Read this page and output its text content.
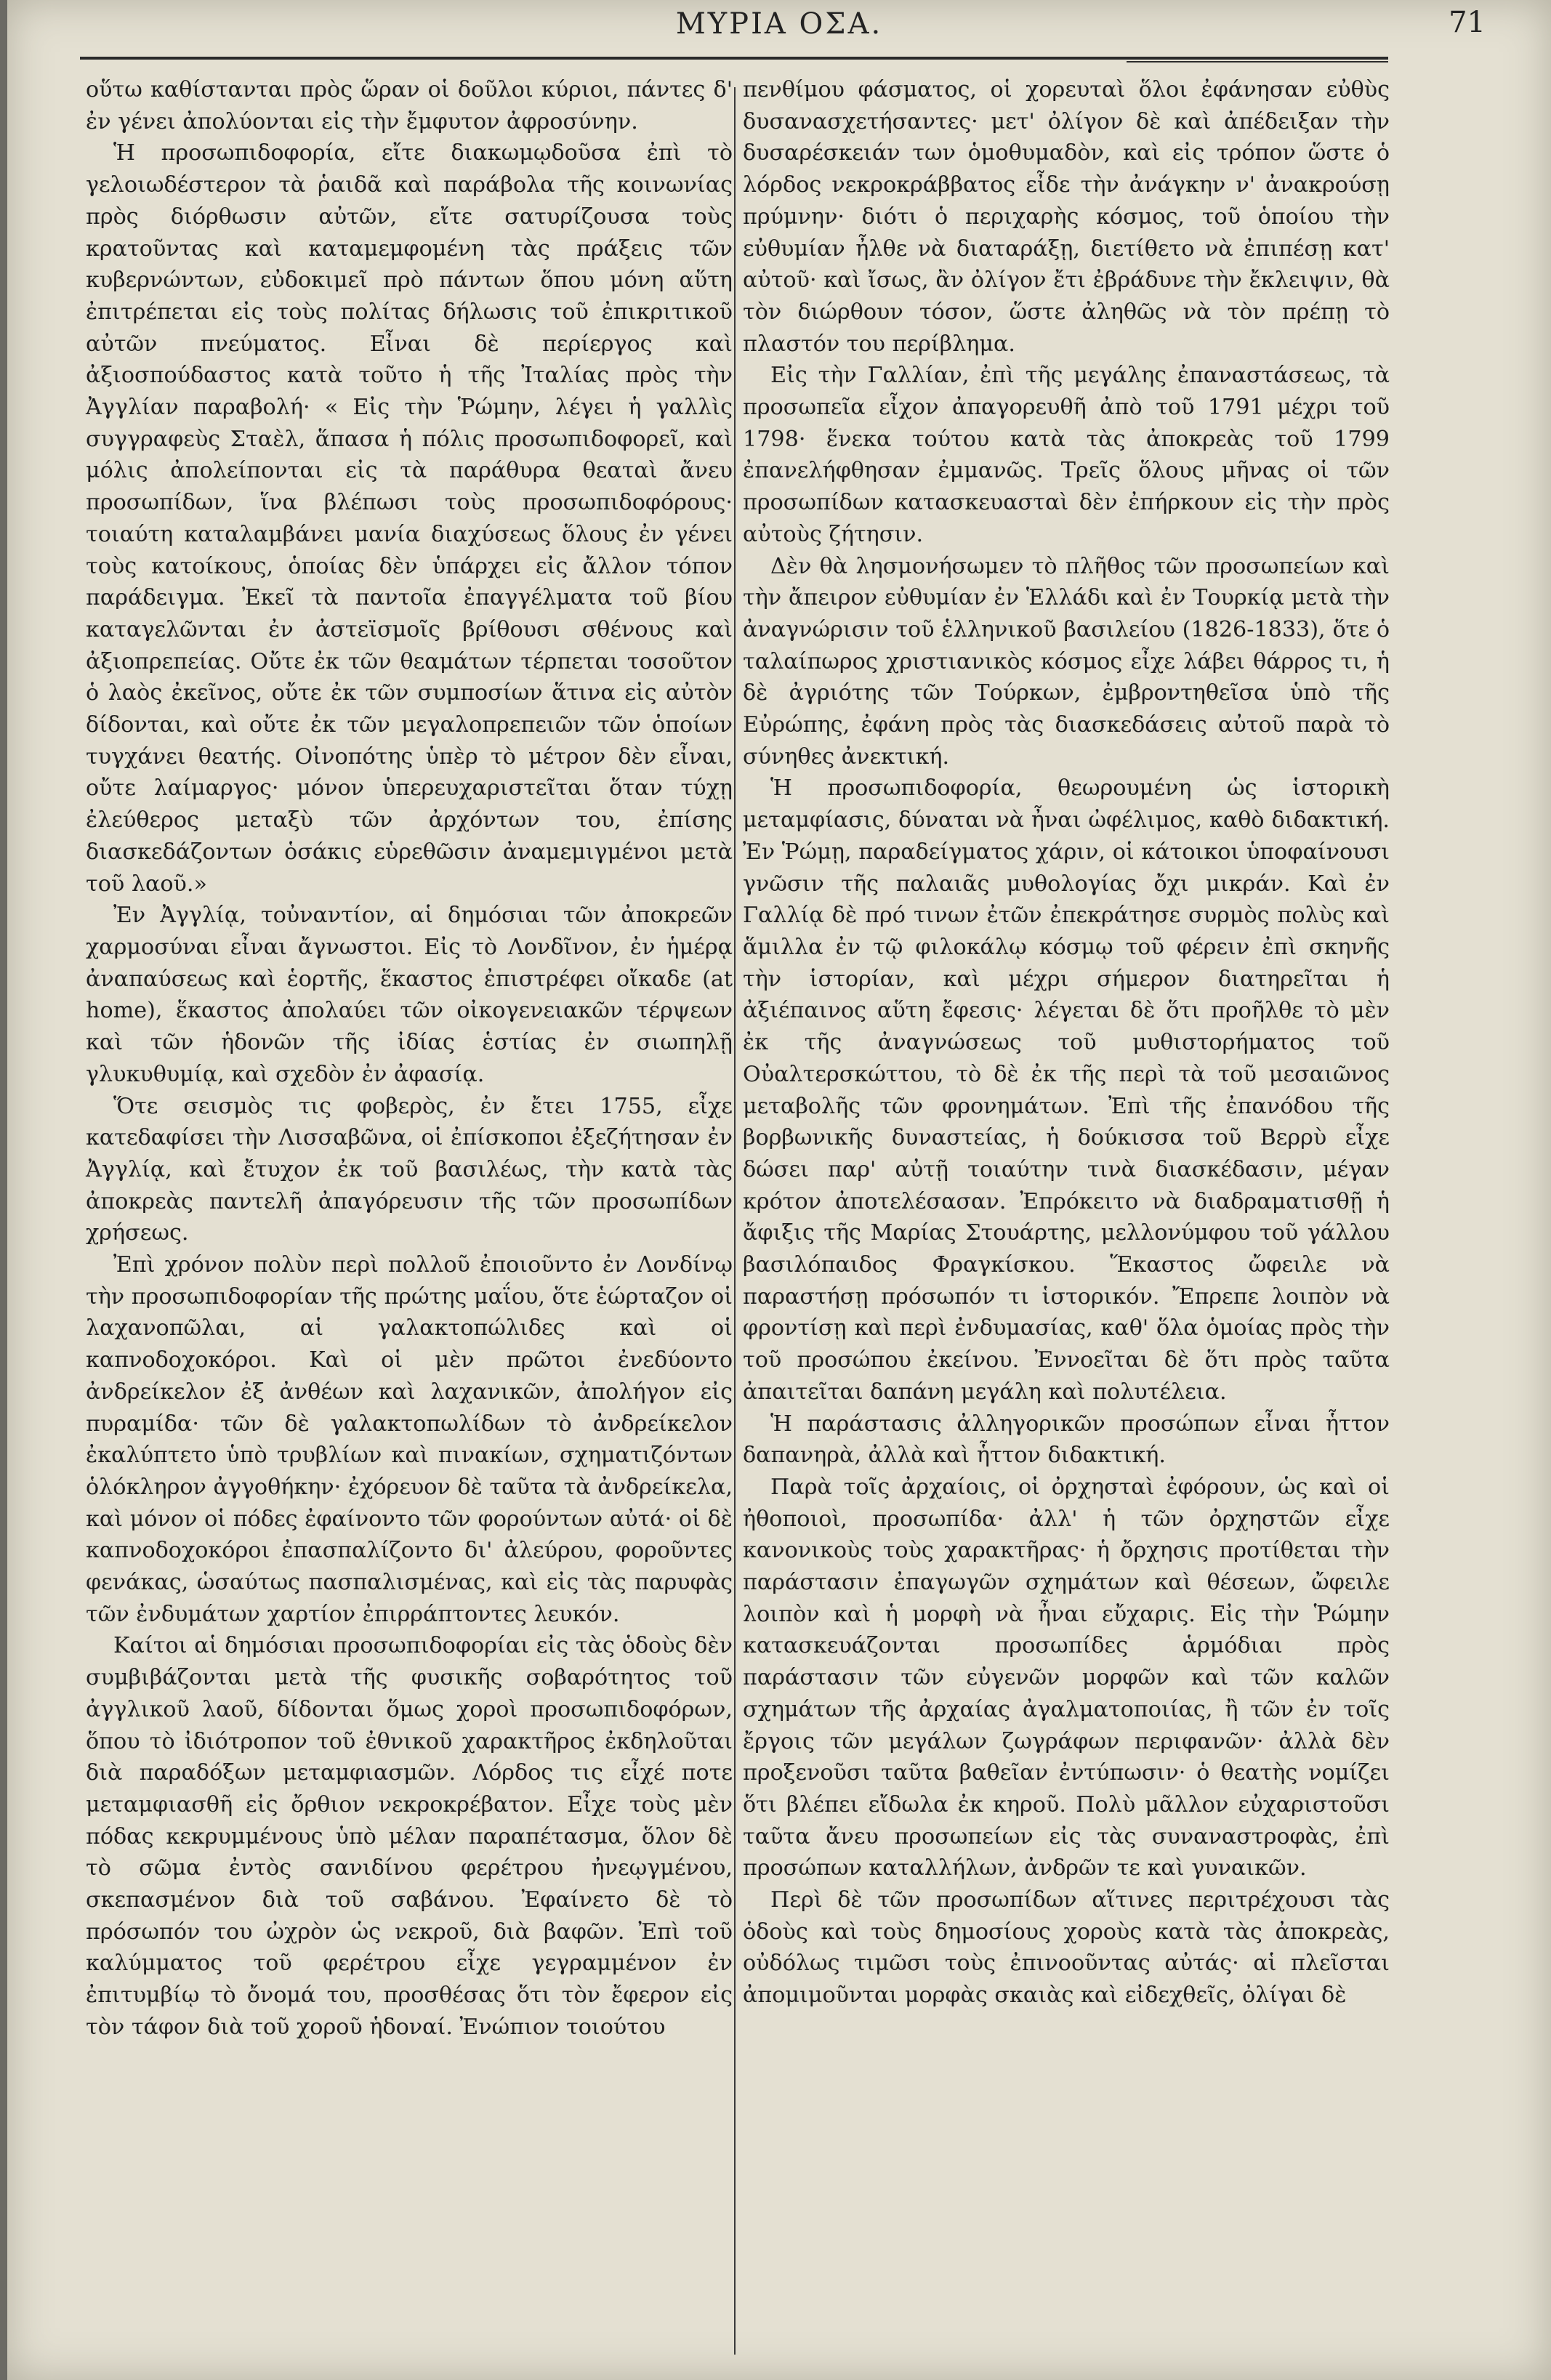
ΜΥΡΙΑ ΟΣΑ.	71

οὕτω καθίστανται πρὸς ὥραν οἱ δοῦλοι κύριοι, πάντες δ' ἐν γένει ἀπολύονται εἰς τὴν ἔμφυτον ἀφροσύνην.

Ἡ προσωπιδοφορία, εἴτε διακωμῳδοῦσα ἐπὶ τὸ γελοιωδέστερον τὰ ῥαιδᾶ καὶ παράβολα τῆς κοινωνίας πρὸς διόρθωσιν αὐτῶν, εἴτε σατυρίζουσα τοὺς κρατοῦντας καὶ καταμεμφομένη τὰς πράξεις τῶν κυβερνώντων, εὐδοκιμεῖ πρὸ πάντων ὅπου μόνη αὕτη ἐπιτρέπεται εἰς τοὺς πολίτας δήλωσις τοῦ ἐπικριτικοῦ αὐτῶν πνεύματος. Εἶναι δὲ περίεργος καὶ ἀξιοσπούδαστος κατὰ τοῦτο ἡ τῆς Ἰταλίας πρὸς τὴν Ἀγγλίαν παραβολή· « Εἰς τὴν Ῥώμην, λέγει ἡ γαλλὶς συγγραφεὺς Σταὲλ, ἅπασα ἡ πόλις προσωπιδοφορεῖ, καὶ μόλις ἀπολείπονται εἰς τὰ παράθυρα θεαταὶ ἄνευ προσωπίδων, ἵνα βλέπωσι τοὺς προσωπιδοφόρους· τοιαύτη καταλαμβάνει μανία διαχύσεως ὅλους ἐν γένει τοὺς κατοίκους, ὁποίας δὲν ὑπάρχει εἰς ἄλλον τόπον παράδειγμα. Ἐκεῖ τὰ παντοῖα ἐπαγγέλματα τοῦ βίου καταγελῶνται ἐν ἀστεϊσμοῖς βρίθουσι σθένους καὶ ἀξιοπρεπείας. Οὔτε ἐκ τῶν θεαμάτων τέρπεται τοσοῦτον ὁ λαὸς ἐκεῖνος, οὔτε ἐκ τῶν συμποσίων ἅτινα εἰς αὐτὸν δίδονται, καὶ οὔτε ἐκ τῶν μεγαλοπρεπειῶν τῶν ὁποίων τυγχάνει θεατής. Οἰνοπότης ὑπὲρ τὸ μέτρον δὲν εἶναι, οὔτε λαίμαργος· μόνον ὑπερευχαριστεῖται ὅταν τύχῃ ἐλεύθερος μεταξὺ τῶν ἀρχόντων του, ἐπίσης διασκεδάζοντων ὁσάκις εὑρεθῶσιν ἀναμεμιγμένοι μετὰ τοῦ λαοῦ.»

Ἐν Ἀγγλίᾳ, τοὐναντίον, αἱ δημόσιαι τῶν ἀποκρεῶν χαρμοσύναι εἶναι ἄγνωστοι. Εἰς τὸ Λονδῖνον, ἐν ἡμέρᾳ ἀναπαύσεως καὶ ἑορτῆς, ἕκαστος ἐπιστρέφει οἴκαδε (at home), ἕκαστος ἀπολαύει τῶν οἰκογενειακῶν τέρψεων καὶ τῶν ἡδονῶν τῆς ἰδίας ἑστίας ἐν σιωπηλῇ γλυκυθυμίᾳ, καὶ σχεδὸν ἐν ἀφασίᾳ.

Ὅτε σεισμὸς τις φοβερὸς, ἐν ἔτει 1755, εἶχε κατεδαφίσει τὴν Λισσαβῶνα, οἱ ἐπίσκοποι ἐξεζήτησαν ἐν Ἀγγλίᾳ, καὶ ἔτυχον ἐκ τοῦ βασιλέως, τὴν κατὰ τὰς ἀποκρεὰς παντελῆ ἀπαγόρευσιν τῆς τῶν προσωπίδων χρήσεως.

Ἐπὶ χρόνον πολὺν περὶ πολλοῦ ἐποιοῦντο ἐν Λονδίνῳ τὴν προσωπιδοφορίαν τῆς πρώτης μαΐου, ὅτε ἑώρταζον οἱ λαχανοπῶλαι, αἱ γαλακτοπώλιδες καὶ οἱ καπνοδοχοκόροι. Καὶ οἱ μὲν πρῶτοι ἐνεδύοντο ἀνδρείκελον ἐξ ἀνθέων καὶ λαχανικῶν, ἀπολήγον εἰς πυραμίδα· τῶν δὲ γαλακτοπωλίδων τὸ ἀνδρείκελον ἐκαλύπτετο ὑπὸ τρυβλίων καὶ πινακίων, σχηματιζόντων ὁλόκληρον ἀγγοθήκην· ἐχόρευον δὲ ταῦτα τὰ ἀνδρείκελα, καὶ μόνον οἱ πόδες ἐφαίνοντο τῶν φορούντων αὐτά· οἱ δὲ καπνοδοχοκόροι ἐπασπαλίζοντο δι' ἀλεύρου, φοροῦντες φενάκας, ὡσαύτως πασπαλισμένας, καὶ εἰς τὰς παρυφὰς τῶν ἐνδυμάτων χαρτίον ἐπιρράπτοντες λευκόν.

Καίτοι αἱ δημόσιαι προσωπιδοφορίαι εἰς τὰς ὁδοὺς δὲν συμβιβάζονται μετὰ τῆς φυσικῆς σοβαρότητος τοῦ ἀγγλικοῦ λαοῦ, δίδονται ὅμως χοροὶ προσωπιδοφόρων, ὅπου τὸ ἰδιότροπον τοῦ ἐθνικοῦ χαρακτῆρος ἐκδηλοῦται διὰ παραδόξων μεταμφιασμῶν. Λόρδος τις εἶχέ ποτε μεταμφιασθῆ εἰς ὄρθιον νεκροκρέβατον. Εἶχε τοὺς μὲν πόδας κεκρυμμένους ὑπὸ μέλαν παραπέτασμα, ὅλον δὲ τὸ σῶμα ἐντὸς σανιδίνου φερέτρου ἠνεῳγμένου, σκεπασμένον διὰ τοῦ σαβάνου. Ἐφαίνετο δὲ τὸ πρόσωπόν του ὠχρὸν ὡς νεκροῦ, διὰ βαφῶν. Ἐπὶ τοῦ καλύμματος τοῦ φερέτρου εἶχε γεγραμμένον ἐν ἐπιτυμβίῳ τὸ ὄνομά του, προσθέσας ὅτι τὸν ἔφερον εἰς τὸν τάφον διὰ τοῦ χοροῦ ἡδοναί. Ἐνώπιον τοιούτου

πενθίμου φάσματος, οἱ χορευταὶ ὅλοι ἐφάνησαν εὐθὺς δυσανασχετήσαντες· μετ' ὀλίγον δὲ καὶ ἀπέδειξαν τὴν δυσαρέσκειάν των ὁμοθυμαδὸν, καὶ εἰς τρόπον ὥστε ὁ λόρδος νεκροκράββατος εἶδε τὴν ἀνάγκην ν' ἀνακρούσῃ πρύμνην· διότι ὁ περιχαρὴς κόσμος, τοῦ ὁποίου τὴν εὐθυμίαν ἦλθε νὰ διαταράξῃ, διετίθετο νὰ ἐπιπέσῃ κατ' αὐτοῦ· καὶ ἴσως, ἂν ὀλίγον ἔτι ἐβράδυνε τὴν ἔκλειψιν, θὰ τὸν διώρθουν τόσον, ὥστε ἀληθῶς νὰ τὸν πρέπῃ τὸ πλαστόν του περίβλημα.

Εἰς τὴν Γαλλίαν, ἐπὶ τῆς μεγάλης ἐπαναστάσεως, τὰ προσωπεῖα εἶχον ἀπαγορευθῆ ἀπὸ τοῦ 1791 μέχρι τοῦ 1798· ἕνεκα τούτου κατὰ τὰς ἀποκρεὰς τοῦ 1799 ἐπανελήφθησαν ἐμμανῶς. Τρεῖς ὅλους μῆνας οἱ τῶν προσωπίδων κατασκευασταὶ δὲν ἐπήρκουν εἰς τὴν πρὸς αὐτοὺς ζήτησιν.

Δὲν θὰ λησμονήσωμεν τὸ πλῆθος τῶν προσωπείων καὶ τὴν ἄπειρον εὐθυμίαν ἐν Ἑλλάδι καὶ ἐν Τουρκίᾳ μετὰ τὴν ἀναγνώρισιν τοῦ ἑλληνικοῦ βασιλείου (1826-1833), ὅτε ὁ ταλαίπωρος χριστιανικὸς κόσμος εἶχε λάβει θάρρος τι, ἡ δὲ ἀγριότης τῶν Τούρκων, ἐμβροντηθεῖσα ὑπὸ τῆς Εὐρώπης, ἐφάνη πρὸς τὰς διασκεδάσεις αὐτοῦ παρὰ τὸ σύνηθες ἀνεκτική.

Ἡ προσωπιδοφορία, θεωρουμένη ὡς ἱστορικὴ μεταμφίασις, δύναται νὰ ἦναι ὠφέλιμος, καθὸ διδακτική. Ἐν Ῥώμῃ, παραδείγματος χάριν, οἱ κάτοικοι ὑποφαίνουσι γνῶσιν τῆς παλαιᾶς μυθολογίας ὄχι μικράν. Καὶ ἐν Γαλλίᾳ δὲ πρό τινων ἐτῶν ἐπεκράτησε συρμὸς πολὺς καὶ ἅμιλλα ἐν τῷ φιλοκάλῳ κόσμῳ τοῦ φέρειν ἐπὶ σκηνῆς τὴν ἱστορίαν, καὶ μέχρι σήμερον διατηρεῖται ἡ ἀξιέπαινος αὕτη ἔφεσις· λέγεται δὲ ὅτι προῆλθε τὸ μὲν ἐκ τῆς ἀναγνώσεως τοῦ μυθιστορήματος τοῦ Οὐαλτερσκώττου, τὸ δὲ ἐκ τῆς περὶ τὰ τοῦ μεσαιῶνος μεταβολῆς τῶν φρονημάτων. Ἐπὶ τῆς ἐπανόδου τῆς βορβωνικῆς δυναστείας, ἡ δούκισσα τοῦ Βερρὺ εἶχε δώσει παρ' αὐτῇ τοιαύτην τινὰ διασκέδασιν, μέγαν κρότον ἀποτελέσασαν. Ἐπρόκειτο νὰ διαδραματισθῇ ἡ ἄφιξις τῆς Μαρίας Στουάρτης, μελλονύμφου τοῦ γάλλου βασιλόπαιδος Φραγκίσκου. Ἕκαστος ὤφειλε νὰ παραστήσῃ πρόσωπόν τι ἱστορικόν. Ἔπρεπε λοιπὸν νὰ φροντίσῃ καὶ περὶ ἐνδυμασίας, καθ' ὅλα ὁμοίας πρὸς τὴν τοῦ προσώπου ἐκείνου. Ἐννοεῖται δὲ ὅτι πρὸς ταῦτα ἀπαιτεῖται δαπάνη μεγάλη καὶ πολυτέλεια.

Ἡ παράστασις ἀλληγορικῶν προσώπων εἶναι ἧττον δαπανηρὰ, ἀλλὰ καὶ ἧττον διδακτική.

Παρὰ τοῖς ἀρχαίοις, οἱ ὀρχησταὶ ἐφόρουν, ὡς καὶ οἱ ἠθοποιοὶ, προσωπίδα· ἀλλ' ἡ τῶν ὀρχηστῶν εἶχε κανονικοὺς τοὺς χαρακτῆρας· ἡ ὄρχησις προτίθεται τὴν παράστασιν ἐπαγωγῶν σχημάτων καὶ θέσεων, ὤφειλε λοιπὸν καὶ ἡ μορφὴ νὰ ἦναι εὔχαρις. Εἰς τὴν Ῥώμην κατασκευάζονται προσωπίδες ἁρμόδιαι πρὸς παράστασιν τῶν εὐγενῶν μορφῶν καὶ τῶν καλῶν σχημάτων τῆς ἀρχαίας ἀγαλματοποιίας, ἢ τῶν ἐν τοῖς ἔργοις τῶν μεγάλων ζωγράφων περιφανῶν· ἀλλὰ δὲν προξενοῦσι ταῦτα βαθεῖαν ἐντύπωσιν· ὁ θεατὴς νομίζει ὅτι βλέπει εἴδωλα ἐκ κηροῦ. Πολὺ μᾶλλον εὐχαριστοῦσι ταῦτα ἄνευ προσωπείων εἰς τὰς συναναστροφὰς, ἐπὶ προσώπων καταλλήλων, ἀνδρῶν τε καὶ γυναικῶν.

Περὶ δὲ τῶν προσωπίδων αἵτινες περιτρέχουσι τὰς ὁδοὺς καὶ τοὺς δημοσίους χοροὺς κατὰ τὰς ἀποκρεὰς, οὐδόλως τιμῶσι τοὺς ἐπινοοῦντας αὐτάς· αἱ πλεῖσται ἀπομιμοῦνται μορφὰς σκαιὰς καὶ εἰδεχθεῖς, ὀλίγαι δὲ
